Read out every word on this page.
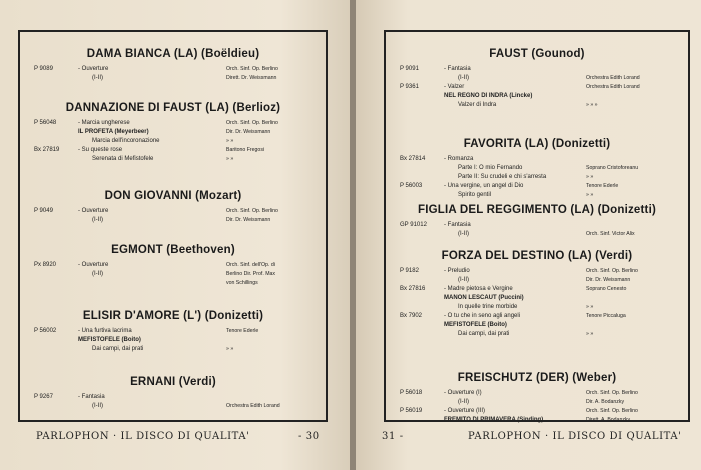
DAMA BIANCA (LA) (Boëldieu)
P 9089	- Ouverture	Orch. Sinf. Op. Berlino
(I-II)	Dirett. Dr. Weissmann
DANNAZIONE DI FAUST (LA) (Berlioz)
P 56048	- Marcia ungherese	Orch. Sinf. Op. Berlino
IL PROFETA (Meyerbeer)	Dir. Dr. Weissmann
Marcia dell'incoronazione	» »
Bx 27819	- Su queste rose	Baritono Fregosi
Serenata di Mefistofele	» »
DON GIOVANNI (Mozart)
P 9049	- Ouverture	Orch. Sinf. Op. Berlino
(I-II)	Dir. Dr. Weissmann
EGMONT (Beethoven)
Px 8920	- Ouverture	Orch. Sinf. dell'Op. di
(I-II)	Berlino Dir. Prof. Max
von Schillings
ELISIR D'AMORE (L') (Donizetti)
P 56002	- Una furtiva lacrima	Tenore Ederle
MEFISTOFELE (Boito)
Dai campi, dai prati	» »
ERNANI (Verdi)
P 9267	- Fantasia
(I-II)	Orchestra Edith Lorand
PARLOPHON · IL DISCO DI QUALITA'	- 30
FAUST (Gounod)
P 9091	- Fantasia
(I-II)	Orchestra Edith Lorand
P 9361	- Valzer	Orchestra Edith Lorand
NEL REGNO DI INDRA (Lincke)
Valzer di Indra	» » »
FAVORITA (LA) (Donizetti)
Bx 27814	- Romanza
Parte I: O mio Fernando	Soprano Cristoforeanu
Parte II: Su crudeli e chi s'arresta	» »
P 56003	- Una vergine, un angel di Dio	Tenore Ederle
Spirito gentil	» »
FIGLIA DEL REGGIMENTO (LA) (Donizetti)
GP 91012	- Fantasia
(I-II)	Orch. Sinf. Victor Alix
FORZA DEL DESTINO (LA) (Verdi)
P 9182	- Preludio	Orch. Sinf. Op. Berlino
(I-II)	Dir. Dr. Weissmann
Bx 27816	- Madre pietosa e Vergine	Soprano Cenesto
MANON LESCAUT (Puccini)
In quelle trine morbide	» »
Bx 7902	- O tu che in seno agli angeli	Tenore Piccaluga
MEFISTOFELE (Boito)
Dai campi, dai prati	» »
FREISCHUTZ (DER) (Weber)
P 56018	- Ouverture (I)	Orch. Sinf. Op. Berlino
(I-II)	Dir. A. Bodanzky
P 56019	- Ouverture (III)	Orch. Sinf. Op. Berlino
FREMITO DI PRIMAVERA (Sinding)	Dirett. A. Bodanzky
31 -	PARLOPHON · IL DISCO DI QUALITA'
